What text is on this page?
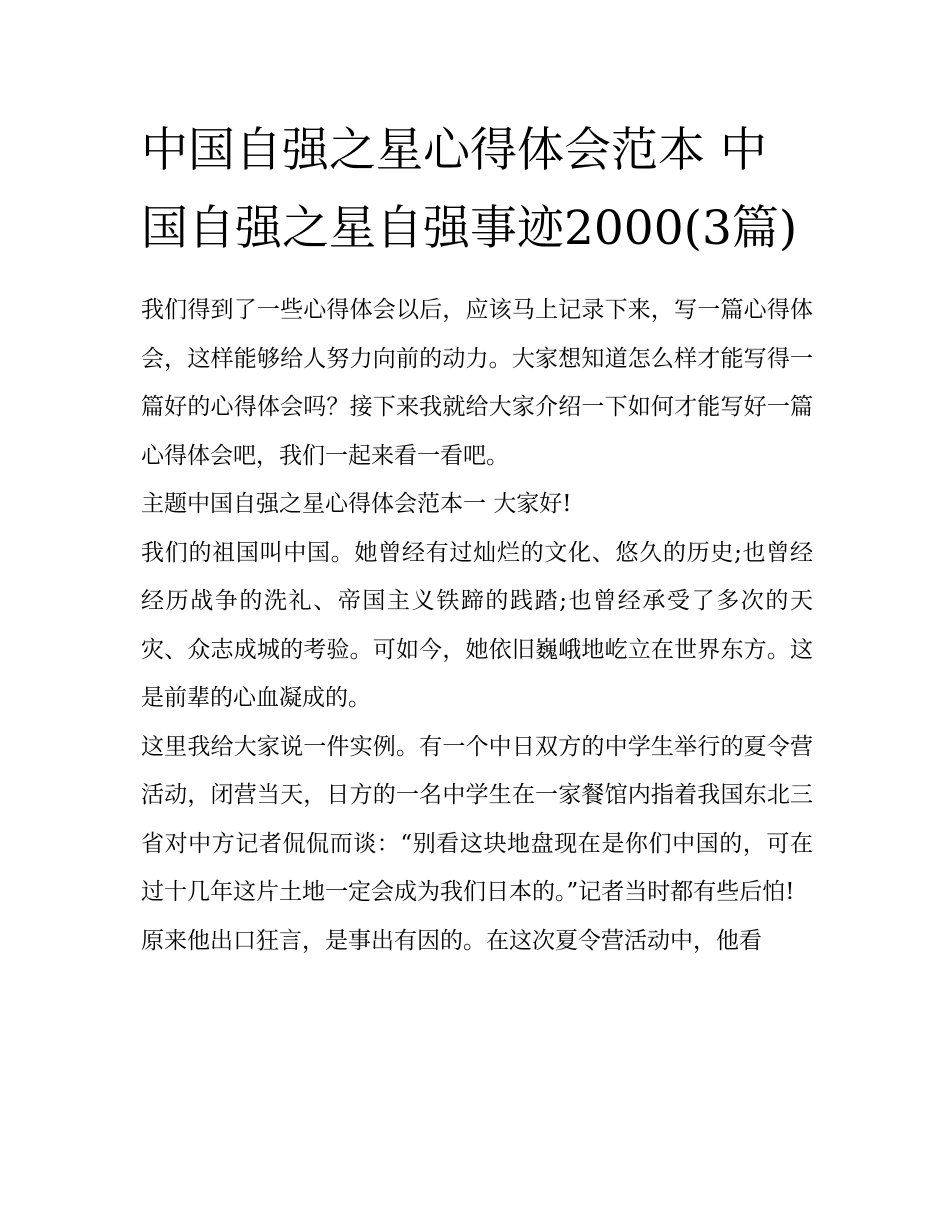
中国自强之星心得体会范本 中国自强之星自强事迹2000(3篇)

我们得到了一些心得体会以后，应该马上记录下来，写一篇心得体会，这样能够给人努力向前的动力。大家想知道怎么样才能写得一篇好的心得体会吗？接下来我就给大家介绍一下如何才能写好一篇心得体会吧，我们一起来看一看吧。

主题中国自强之星心得体会范本一 大家好!

我们的祖国叫中国。她曾经有过灿烂的文化、悠久的历史;也曾经经历战争的洗礼、帝国主义铁蹄的践踏;也曾经承受了多次的天灾、众志成城的考验。可如今，她依旧巍峨地屹立在世界东方。这是前辈的心血凝成的。

这里我给大家说一件实例。有一个中日双方的中学生举行的夏令营活动，闭营当天，日方的一名中学生在一家餐馆内指着我国东北三省对中方记者侃侃而谈：“别看这块地盘现在是你们中国的，可在过十几年这片土地一定会成为我们日本的。”记者当时都有些后怕!

原来他出口狂言，是事出有因的。在这次夏令营活动中，他看
